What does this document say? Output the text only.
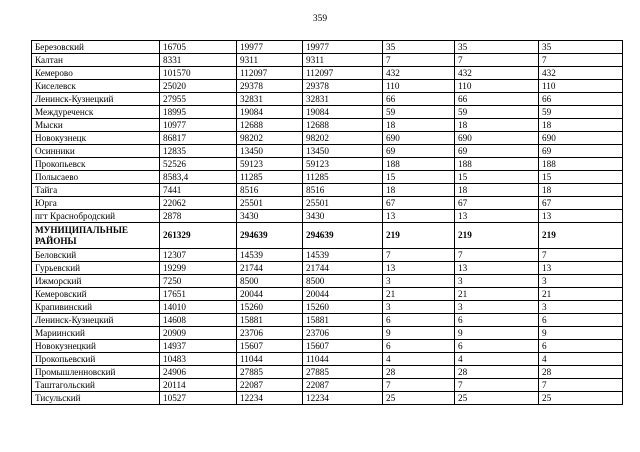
359
Березовский	16705	19977	19977	35	35	35
Калтан	8331	9311	9311	7	7	7
Кемерово	101570	112097	112097	432	432	432
Киселевск	25020	29378	29378	110	110	110
Ленинск-Кузнецкий	27955	32831	32831	66	66	66
Междуреченск	18995	19084	19084	59	59	59
Мыски	10977	12688	12688	18	18	18
Новокузнецк	86817	98202	98202	690	690	690
Осинники	12835	13450	13450	69	69	69
Прокопьевск	52526	59123	59123	188	188	188
Полысаево	8583,4	11285	11285	15	15	15
Тайга	7441	8516	8516	18	18	18
Юрга	22062	25501	25501	67	67	67
пгт Краснобродский	2878	3430	3430	13	13	13
МУНИЦИПАЛЬНЫЕ РАЙОНЫ	261329	294639	294639	219	219	219
Беловский	12307	14539	14539	7	7	7
Гурьевский	19299	21744	21744	13	13	13
Ижморский	7250	8500	8500	3	3	3
Кемеровский	17651	20044	20044	21	21	21
Крапивинский	14010	15260	15260	3	3	3
Ленинск-Кузнецкий	14608	15881	15881	6	6	6
Мариинский	20909	23706	23706	9	9	9
Новокузнецкий	14937	15607	15607	6	6	6
Прокопьевский	10483	11044	11044	4	4	4
Промышленновский	24906	27885	27885	28	28	28
Таштагольский	20114	22087	22087	7	7	7
Тисульский	10527	12234	12234	25	25	25
